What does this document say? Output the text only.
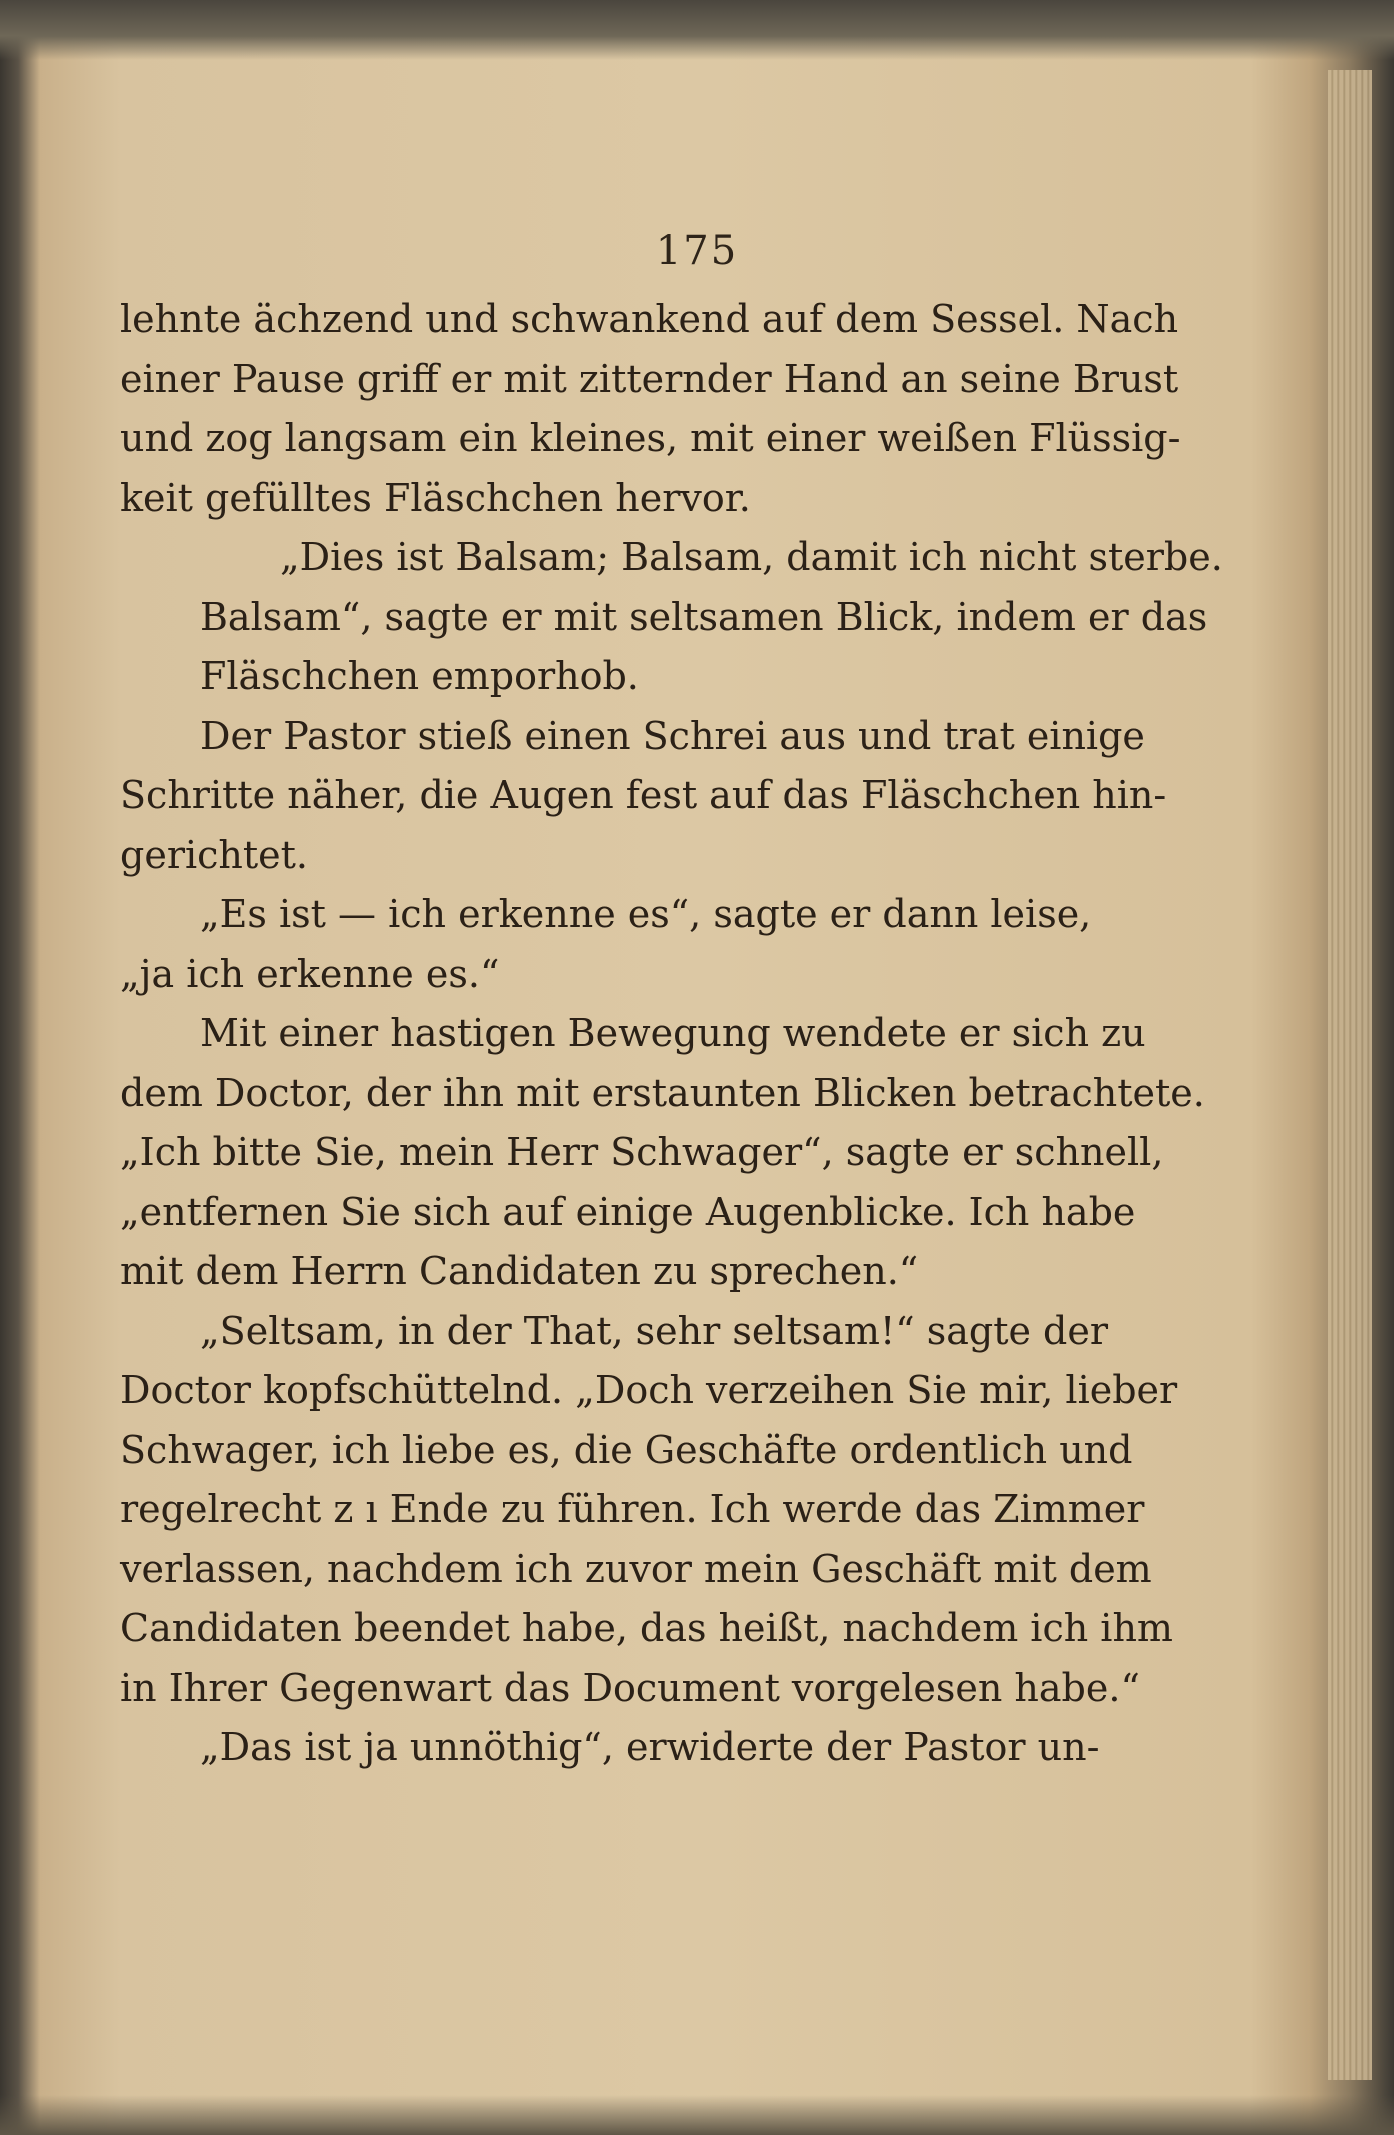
175

lehnte ächzend und schwankend auf dem Sessel. Nach
einer Pause griff er mit zitternder Hand an seine Brust
und zog langsam ein kleines, mit einer weißen Flüssig-
keit gefülltes Fläschchen hervor.

„Dies ist Balsam; Balsam, damit ich nicht sterbe.
Balsam“, sagte er mit seltsamen Blick, indem er das
Fläschchen emporhob.

Der Pastor stieß einen Schrei aus und trat einige
Schritte näher, die Augen fest auf das Fläschchen hin-
gerichtet.

„Es ist — ich erkenne es“, sagte er dann leise,
„ja ich erkenne es.“

Mit einer hastigen Bewegung wendete er sich zu
dem Doctor, der ihn mit erstaunten Blicken betrachtete.
„Ich bitte Sie, mein Herr Schwager“, sagte er schnell,
„entfernen Sie sich auf einige Augenblicke. Ich habe
mit dem Herrn Candidaten zu sprechen.“

„Seltsam, in der That, sehr seltsam!“ sagte der
Doctor kopfschüttelnd. „Doch verzeihen Sie mir, lieber
Schwager, ich liebe es, die Geschäfte ordentlich und
regelrecht z ı Ende zu führen. Ich werde das Zimmer
verlassen, nachdem ich zuvor mein Geschäft mit dem
Candidaten beendet habe, das heißt, nachdem ich ihm
in Ihrer Gegenwart das Document vorgelesen habe.“

„Das ist ja unnöthig“, erwiderte der Pastor un-
